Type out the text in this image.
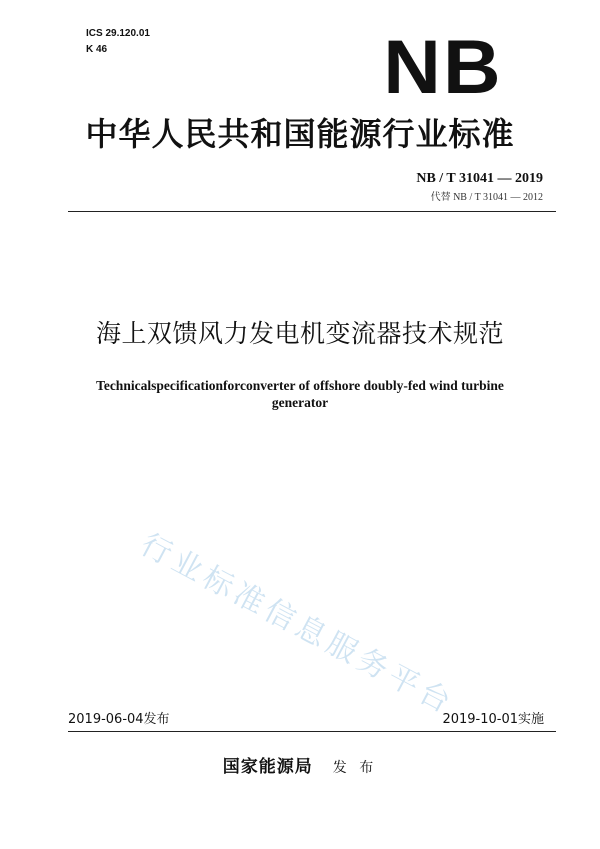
ICS 29.120.01
K 46	NB
中华人民共和国能源行业标准
NB / T 31041 — 2019
代替 NB / T 31041 — 2012
海上双馈风力发电机变流器技术规范
Technicalspecificationforconverter of offshore doubly-fed wind turbine generator
行业标准信息服务平台
2019-06-04发布	2019-10-01实施
国家能源局 发 布
